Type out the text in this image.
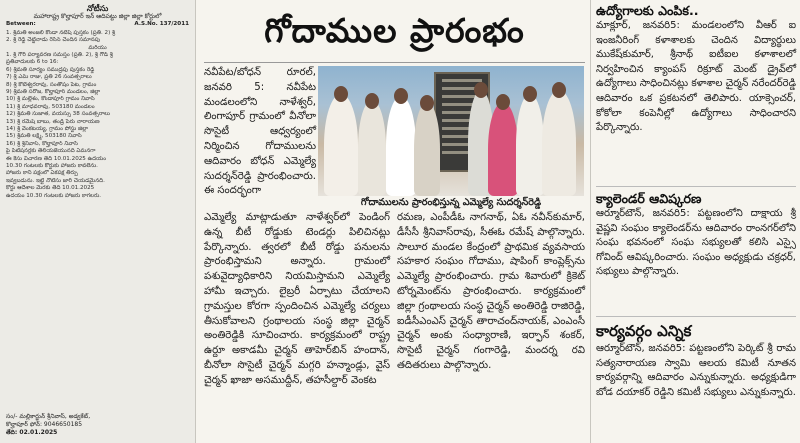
నోటీసు
మహారాష్ట్ర కొల్హాపూర్ ఇన్ ఆదిపట్టు జిల్లా జిల్లా కోర్టులో
Between:	A.S.No. 137/2011
1. శ్రీమతి అంజలి కొండా నటేష్ పుస్తకం (ప్రతి. 2) శ్రీ
2. శ్రీ రెడ్డి చెట్టినాడు రెసిన్ చెందిన సమానపు
మరియు
1. శ్రీ గౌరీ పర్యావరణ సమస్తం (ప్రతి. 2), శ్రీ గౌడ్ శ్రీ
ప్రతివాదులకు 6 to 16:
6) శ్రీమతి సూర్యం సముద్రపు పుస్తకం రెడ్డి
7) శ్రీ ఎమ్ రాజు, ప్రతి 26 సంవత్సరాలు
8) శ్రీ కోటేశ్వరరావు, సంతోషం పేట, గ్రామం
9) శ్రీమతి సరోజ, కొల్హాపూర్ మండలం, జిల్లా
10) శ్రీ మల్లేశం, కొండాపూర్ గ్రామం నివాసి
11) శ్రీ మాధవరావు, 503180 మండలం
12) శ్రీమతి సుజాత, వయస్సు 38 సంవత్సరాలు
13) శ్రీ రమేష్ బాబు, తండ్రి పేరు నారాయణ
14) శ్రీ వెంకటయ్య, గ్రామం పోస్టు జిల్లా
15) శ్రీమతి లక్ష్మి, 503180 నివాసి
16) శ్రీ శ్రీనివాస్, కొల్హాపూర్ నివాసి
పై పిటిషనర్లకు తెలియజేయునది ఏమనగా
ఈ కేసు విచారణ తేది 10.01.2025 ఉదయం
10.30 గంటలకు కోర్టుకు హాజరు కావలెను.
హాజరు కాని పక్షంలో ఏకపక్ష తీర్పు
ఇవ్వబడును. ఇట్టి నోటీసు జారీ చేయడమైనది.
కోర్టు ఆదేశాల మేరకు తేది 10.01.2025
ఉదయం 10.30 గంటలకు హాజరు కాగలరు.
సం/- మల్లికార్జున్ శ్రీనివాస్, అడ్వకేట్,
కొల్హాపూర్ ఫోన్: 9046650185
తేది: 02.01.2025
గోదాముల ప్రారంభం
నవీపేట/బోధన్ రూరల్, జనవరి 5: నవీపేట మండలంలోని నాళేశ్వర్, లింగాపూర్ గ్రామంలో వీనోలా సొసైటీ ఆధ్వర్యంలో నిర్మించిన గోదాములను ఆదివారం బోధన్ ఎమ్మెల్యే సుదర్శన్‌రెడ్డి ప్రారంభించారు. ఈ సందర్భంగా
గోదాములను ప్రారంభిస్తున్న ఎమ్మెల్యే సుదర్శన్‌రెడ్డి
ఎమ్మెల్యే మాట్లాడుతూ నాళేశ్వర్‌లో పెండింగ్ ఉన్న బీటీ రోడ్డుకు టెండర్లు పిలిచినట్లు పేర్కొన్నారు. త్వరలో బీటీ రోడ్డు పనులను ప్రారంభిస్తామని అన్నారు. గ్రామంలో పశువైద్యాధికారిని నియమిస్తామని ఎమ్మెల్యే హామీ ఇచ్చారు. లైబ్రరీ ఏర్పాటు చేయాలని గ్రామస్తుల కోరగా స్పందించిన ఎమ్మెల్యే చర్యలు తీసుకోవాలని గ్రంథాలయ సంస్థ జిల్లా చైర్మన్ అంతిరెడ్డికి సూచించారు. కార్యక్రమంలో రాష్ట్ర ఉర్దూ అకాడమీ చైర్మన్ తాహెర్‌బిన్ హందాన్, బీనోలా సొసైటీ చైర్మన్ మగ్గరి హన్మాండ్లు, వైస్ చైర్మన్ ఖాజా అసముద్దీన్, తహసీల్దార్ వెంకట
రమణ, ఎంపీడీఓ నాగనాథ్, ఏఓ నవీన్‌కుమార్, డీసీసీ శ్రీనివాస్‌రావు, సీఈఓ రమేష్ పాల్గొన్నారు. సాలూర మండల కేంద్రంలో ప్రాథమిక వ్యవసాయ సహకార సంఘం గోదాము, షాపింగ్ కాంప్లెక్స్‌ను ఎమ్మెల్యే ప్రారంభించారు. గ్రామ శివారులో క్రికెట్ టోర్నమెంట్‌ను ప్రారంభించారు. కార్యక్రమంలో జిల్లా గ్రంథాలయ సంస్థ చైర్మన్ అంతిరెడ్డి రాజిరెడ్డి, ఐడీసీఎంఎస్ చైర్మన్ తారాచంద్‌నాయక్, ఎంఎంసీ చైర్మన్ అంకు సంధ్యారాణి, ఇర్ఫాన్ శంకర్, సొసైటీ చైర్మన్ గంగారెడ్డి, మందర్న రవి తదితరులు పాల్గొన్నారు.
ఉద్యోగాలకు ఎంపిక..
మాక్లూర్, జనవరి5: మండలంలోని వీఆర్ ఐ ఇంజనీరింగ్ కళాశాలకు చెందిన విద్యార్థులు ముకేష్‌కుమార్, శ్రీనాథ్ ఐటీఐల కళాశాలలో నిర్వహించిన క్యాంపస్ రిక్రూట్ మెంట్ డ్రైవ్‌లో ఉద్యోగాలు సాధించినట్లు కళాశాల చైర్మన్ నరేందర్‌రెడ్డి ఆదివారం ఒక ప్రకటనలో తెలిపారు. యాక్సెంచర్, కోకోలా కంపెనీల్లో ఉద్యోగాలు సాధించారని పేర్కొన్నారు.
క్యాలెండర్ ఆవిష్కరణ
ఆర్మూర్‌టౌన్, జనవరి5: పట్టణంలోని దాక్షాయ శ్రీ వైష్ణవి సంఘం క్యాలెండర్‌ను ఆదివారం రాంనగర్‌లోని సంఘ భవనంలో సంఘ సభ్యులతో కలిసి ఎస్సై గోవింద్ ఆవిష్కరించారు. సంఘం అధ్యక్షుడు చక్రధర్, సభ్యులు పాల్గొన్నారు.
కార్యవర్గం ఎన్నిక
ఆర్మూర్‌టౌన్, జనవరి5: పట్టణంలోని పెర్కిట్ శ్రీ రామ సత్యనారాయణ స్వామి ఆలయ కమిటీ నూతన కార్యవర్గాన్ని ఆదివారం ఎన్నుకున్నారు. అధ్యక్షుడిగా బోడ దయాకర్ రెడ్డిని కమిటీ సభ్యులు ఎన్నుకున్నారు.
